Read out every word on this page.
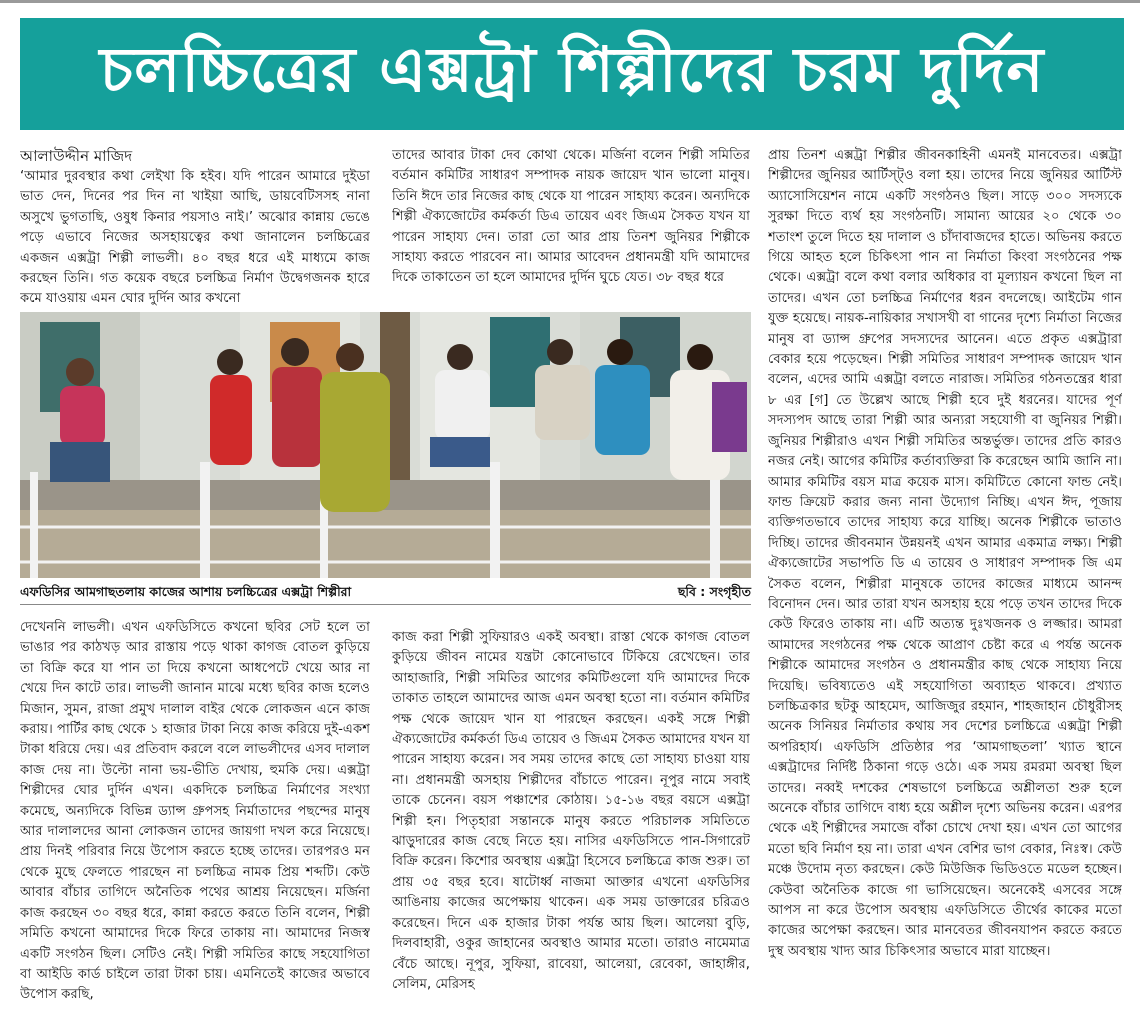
চলচ্চিত্রের এক্সট্রা শিল্পীদের চরম দুর্দিন
আলাউদ্দীন মাজিদ

‘আমার দুরবস্থার কথা লেইখা কি হইব। যদি পারেন আমারে দুইডা ভাত দেন, দিনের পর দিন না খাইয়া আছি, ডায়বেটিসসহ নানা অসুখে ভুগতাছি, ওষুধ কিনার পয়সাও নাই।’ অঝোর কান্নায় ভেঙে পড়ে এভাবে নিজের অসহায়ত্বের কথা জানালেন চলচ্চিত্রের একজন এক্সট্রা শিল্পী লাভলী। ৪০ বছর ধরে এই মাধ্যমে কাজ করছেন তিনি। গত কয়েক বছরে চলচ্চিত্র নির্মাণ উদ্বেগজনক হারে কমে যাওয়ায় এমন ঘোর দুর্দিন আর কখনো

তাদের আবার টাকা দেব কোথা থেকে। মর্জিনা বলেন শিল্পী সমিতির বর্তমান কমিটির সাধারণ সম্পাদক নায়ক জায়েদ খান ভালো মানুষ। তিনি ঈদে তার নিজের কাছ থেকে যা পারেন সাহায্য করেন। অন্যদিকে শিল্পী ঐক্যজোটের কর্মকর্তা ডিএ তায়েব এবং জিএম সৈকত যখন যা পারেন সাহায্য দেন। তারা তো আর প্রায় তিনশ জুনিয়র শিল্পীকে সাহায্য করতে পারবেন না। আমার আবেদন প্রধানমন্ত্রী যদি আমাদের দিকে তাকাতেন তা হলে আমাদের দুর্দিন ঘুচে যেত। ৩৮ বছর ধরে

প্রায় তিনশ এক্সট্রা শিল্পীর জীবনকাহিনী এমনই মানবেতর। এক্সট্রা শিল্পীদের জুনিয়র আর্টিস্ট্ও বলা হয়। তাদের নিয়ে জুনিয়র আর্টিস্ট অ্যাসোসিয়েশন নামে একটি সংগঠনও ছিল। সাড়ে ৩০০ সদস্যকে সুরক্ষা দিতে ব্যর্থ হয় সংগঠনটি। সামান্য আয়ের ২০ থেকে ৩০ শতাংশ তুলে দিতে হয় দালাল ও চাঁদাবাজদের হাতে। অভিনয় করতে গিয়ে আহত হলে চিকিৎসা পান না নির্মাতা কিংবা সংগঠনের পক্ষ থেকে। এক্সট্রা বলে কথা বলার অধিকার বা মূল্যায়ন কখনো ছিল না তাদের। এখন তো চলচ্চিত্র নির্মাণের ধরন বদলেছে। আইটেম গান যুক্ত হয়েছে। নায়ক-নায়িকার সখাসখী বা গানের দৃশ্যে নির্মাতা নিজের মানুষ বা ড্যান্স গ্রুপের সদস্যদের আনেন। এতে প্রকৃত এক্সট্রারা বেকার হয়ে পড়েছেন। শিল্পী সমিতির সাধারণ সম্পাদক জায়েদ খান বলেন, এদের আমি এক্সট্রা বলতে নারাজ। সমিতির গঠনতন্ত্রের ধারা ৮ এর [গ] তে উল্লেখ আছে শিল্পী হবে দুই ধরনের। যাদের পূর্ণ সদস্যপদ আছে তারা শিল্পী আর অন্যরা সহযোগী বা জুনিয়র শিল্পী। জুনিয়র শিল্পীরাও এখন শিল্পী সমিতির অন্তর্ভুক্ত। তাদের প্রতি কারও নজর নেই। আগের কমিটির কর্তাব্যক্তিরা কি করেছেন আমি জানি না। আমার কমিটির বয়স মাত্র কয়েক মাস। কমিটিতে কোনো ফান্ড নেই। ফান্ড ক্রিয়েট করার জন্য নানা উদ্যোগ নিচ্ছি। এখন ঈদ, পূজায় ব্যক্তিগতভাবে তাদের সাহায্য করে যাচ্ছি। অনেক শিল্পীকে ভাতাও দিচ্ছি। তাদের জীবনমান উন্নয়নই এখন আমার একমাত্র লক্ষ্য। শিল্পী ঐক্যজোটের সভাপতি ডি এ তায়েব ও সাধারণ সম্পাদক জি এম সৈকত বলেন, শিল্পীরা মানুষকে তাদের কাজের মাধ্যমে আনন্দ বিনোদন দেন। আর তারা যখন অসহায় হয়ে পড়ে তখন তাদের দিকে কেউ ফিরেও তাকায় না। এটি অত্যন্ত দুঃখজনক ও লজ্জার। আমরা আমাদের সংগঠনের পক্ষ থেকে আপ্রাণ চেষ্টা করে এ পর্যন্ত অনেক শিল্পীকে আমাদের সংগঠন ও প্রধানমন্ত্রীর কাছ থেকে সাহায্য নিয়ে দিয়েছি। ভবিষ্যতেও এই সহযোগিতা অব্যাহত থাকবে। প্রখ্যাত চলচ্চিত্রকার ছটকু আহমেদ, আজিজুর রহমান, শাহজাহান চৌধুরীসহ অনেক সিনিয়র নির্মাতার কথায় সব দেশের চলচ্চিত্রে এক্সট্রা শিল্পী অপরিহার্য। এফডিসি প্রতিষ্ঠার পর ‘আমগাছতলা’ খ্যাত স্থানে এক্সট্রাদের নির্দিষ্ট ঠিকানা গড়ে ওঠে। এক সময় রমরমা অবস্থা ছিল তাদের। নব্বই দশকের শেষভাগে চলচ্চিত্রে অশ্লীলতা শুরু হলে অনেকে বাঁচার তাগিদে বাধ্য হয়ে অশ্লীল দৃশ্যে অভিনয় করেন। এরপর থেকে এই শিল্পীদের সমাজে বাঁকা চোখে দেখা হয়। এখন তো আগের মতো ছবি নির্মাণ হয় না। তারা এখন বেশির ভাগ বেকার, নিঃস্ব। কেউ মঞ্চে উদোম নৃত্য করছেন। কেউ মিউজিক ভিডিওতে মডেল হচ্ছেন। কেউবা অনৈতিক কাজে গা ভাসিয়েছেন। অনেকেই এসবের সঙ্গে আপস না করে উপোস অবস্থায় এফডিসিতে তীর্থের কাকের মতো কাজের অপেক্ষা করছেন। আর মানবেতর জীবনযাপন করতে করতে দুস্থ অবস্থায় খাদ্য আর চিকিৎসার অভাবে মারা যাচ্ছেন।

এফডিসির আমগাছতলায় কাজের আশায় চলচ্চিত্রের এক্সট্রা শিল্পীরা	ছবি : সংগৃহীত

দেখেননি লাভলী। এখন এফডিসিতে কখনো ছবির সেট হলে তা ভাঙার পর কাঠখড় আর রাস্তায় পড়ে থাকা কাগজ বোতল কুড়িয়ে তা বিক্রি করে যা পান তা দিয়ে কখনো আধপেটে খেয়ে আর না খেয়ে দিন কাটে তার। লাভলী জানান মাঝে মধ্যে ছবির কাজ হলেও মিজান, সুমন, রাজা প্রমুখ দালাল বাইর থেকে লোকজন এনে কাজ করায়। পার্টির কাছ থেকে ১ হাজার টাকা নিয়ে কাজ করিয়ে দুই-একশ টাকা ধরিয়ে দেয়। এর প্রতিবাদ করলে বলে লাভলীদের এসব দালাল কাজ দেয় না। উল্টো নানা ভয়-ভীতি দেখায়, হুমকি দেয়। এক্সট্রা শিল্পীদের ঘোর দুর্দিন এখন। একদিকে চলচ্চিত্র নির্মাণের সংখ্যা কমেছে, অন্যদিকে বিভিন্ন ড্যান্স গ্রুপসহ নির্মাতাদের পছন্দের মানুষ আর দালালদের আনা লোকজন তাদের জায়গা দখল করে নিয়েছে। প্রায় দিনই পরিবার নিয়ে উপোস করতে হচ্ছে তাদের। তারপরও মন থেকে মুছে ফেলতে পারছেন না চলচ্চিত্র নামক প্রিয় শব্দটি। কেউ আবার বাঁচার তাগিদে অনৈতিক পথের আশ্রয় নিয়েছেন। মর্জিনা কাজ করছেন ৩০ বছর ধরে, কান্না করতে করতে তিনি বলেন, শিল্পী সমিতি কখনো আমাদের দিকে ফিরে তাকায় না। আমাদের নিজস্ব একটি সংগঠন ছিল। সেটিও নেই। শিল্পী সমিতির কাছে সহযোগিতা বা আইডি কার্ড চাইলে তারা টাকা চায়। এমনিতেই কাজের অভাবে উপোস করছি,

কাজ করা শিল্পী সুফিয়ারও একই অবস্থা। রাস্তা থেকে কাগজ বোতল কুড়িয়ে জীবন নামের যন্ত্রটা কোনোভাবে টিকিয়ে রেখেছেন। তার আহাজারি, শিল্পী সমিতির আগের কমিটিগুলো যদি আমাদের দিকে তাকাত তাহলে আমাদের আজ এমন অবস্থা হতো না। বর্তমান কমিটির পক্ষ থেকে জায়েদ খান যা পারছেন করছেন। একই সঙ্গে শিল্পী ঐক্যজোটের কর্মকর্তা ডিএ তায়েব ও জিএম সৈকত আমাদের যখন যা পারেন সাহায্য করেন। সব সময় তাদের কাছে তো সাহায্য চাওয়া যায় না। প্রধানমন্ত্রী অসহায় শিল্পীদের বাঁচাতে পারেন। নূপুর নামে সবাই তাকে চেনেন। বয়স পঞ্চাশের কোঠায়। ১৫-১৬ বছর বয়সে এক্সট্রা শিল্পী হন। পিতৃহারা সন্তানকে মানুষ করতে পরিচালক সমিতিতে ঝাড়ুদারের কাজ বেছে নিতে হয়। নাসির এফডিসিতে পান-সিগারেট বিক্রি করেন। কিশোর অবস্থায় এক্সট্রা হিসেবে চলচ্চিত্রে কাজ শুরু। তা প্রায় ৩৫ বছর হবে। ষাটোর্ধ্ব নাজমা আক্তার এখনো এফডিসির আঙিনায় কাজের অপেক্ষায় থাকেন। এক সময় ডাক্তারের চরিত্রও করেছেন। দিনে এক হাজার টাকা পর্যন্ত আয় ছিল। আলেয়া বুড়ি, দিলবাহারী, ওকুর জাহানের অবস্থাও আমার মতো। তারাও নামেমাত্র বেঁচে আছে। নূপুর, সুফিয়া, রাবেয়া, আলেয়া, রেবেকা, জাহাঙ্গীর, সেলিম, মেরিসহ
